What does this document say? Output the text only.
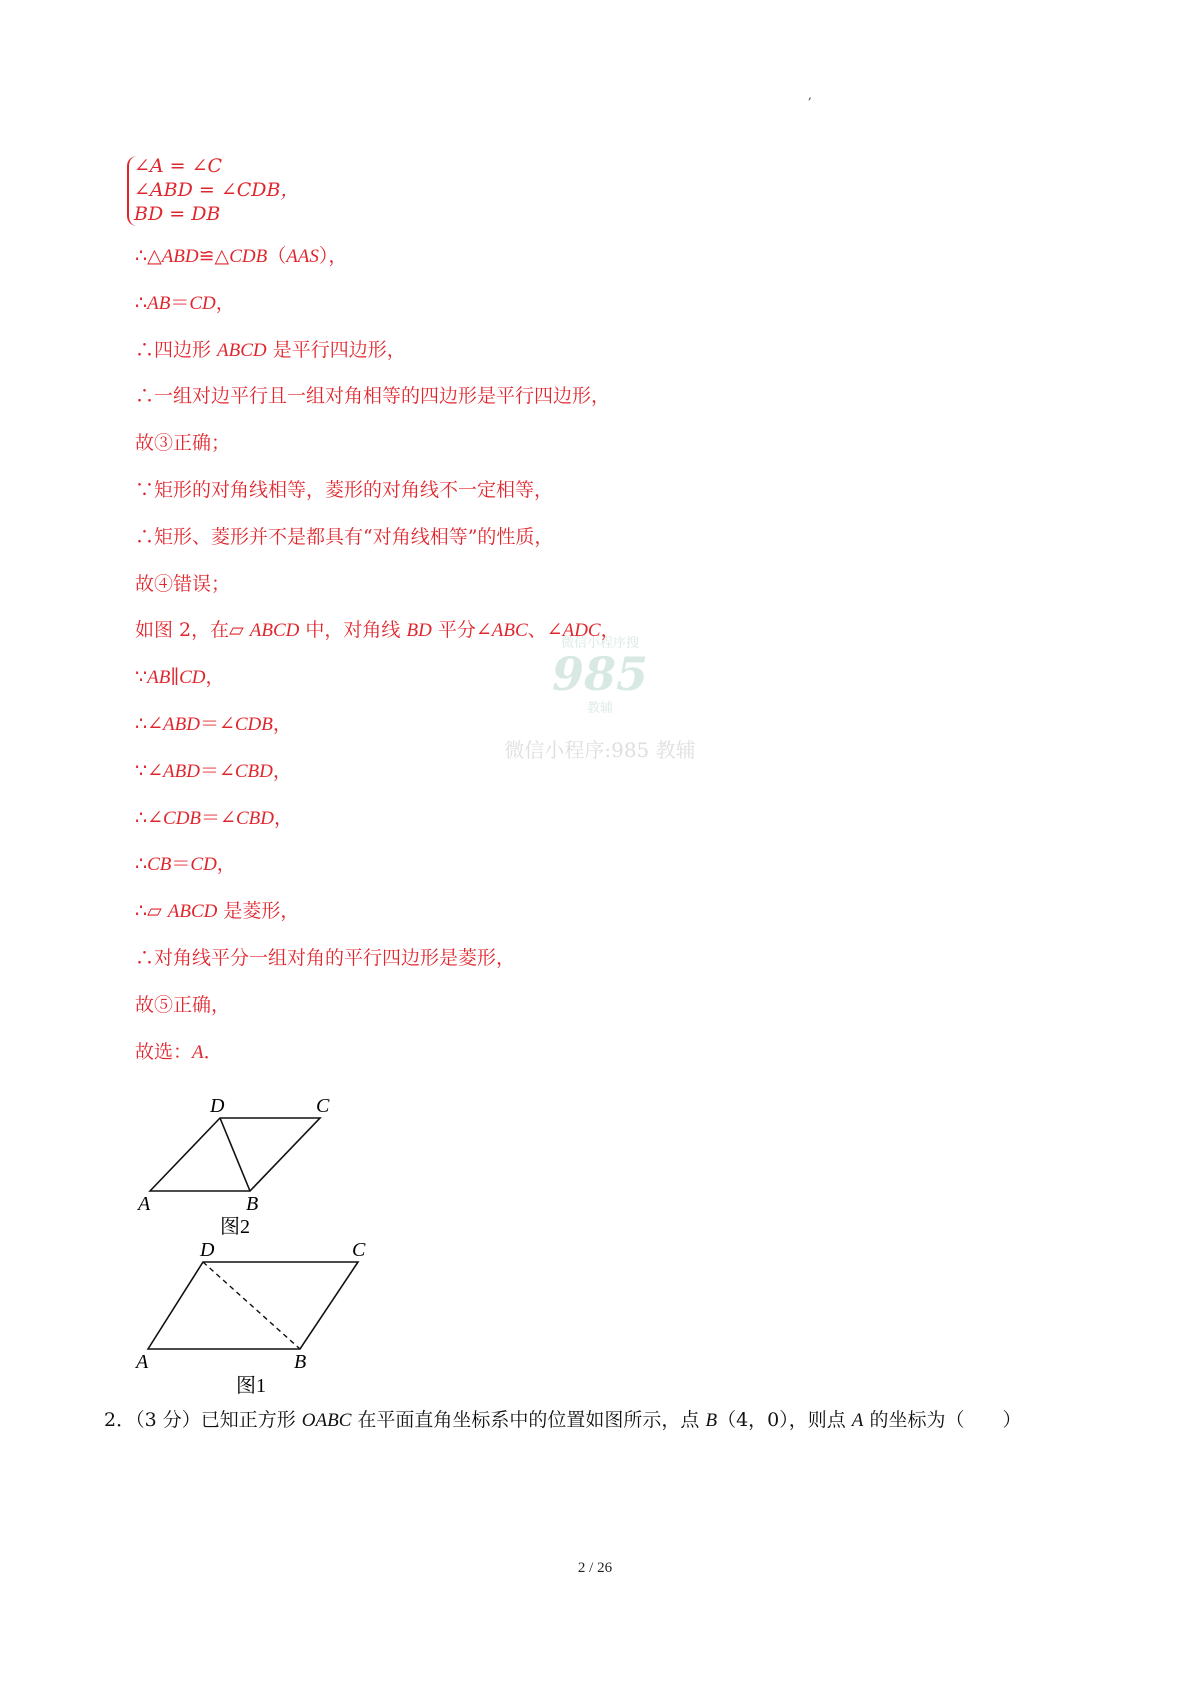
,
∠A = ∠C
∠ABD = ∠CDB，
BD = DB
微信小程序搜
985
教辅
微信小程序:985 教辅
∴△ABD≌△CDB（AAS），
∴AB＝CD，
∴四边形 ABCD 是平行四边形，
∴一组对边平行且一组对角相等的四边形是平行四边形，
故③正确；
∵矩形的对角线相等，菱形的对角线不一定相等，
∴矩形、菱形并不是都具有“对角线相等”的性质，
故④错误；
如图 2，在▱ ABCD 中，对角线 BD 平分∠ABC、∠ADC，
∵AB∥CD，
∴∠ABD＝∠CDB，
∵∠ABD＝∠CBD，
∴∠CDB＝∠CBD，
∴CB＝CD，
∴▱ ABCD 是菱形，
∴对角线平分一组对角的平行四边形是菱形，
故⑤正确，
故选：A．
A	B
C
D
图2
A	B
C
D
图1
2．（3 分）已知正方形 OABC 在平面直角坐标系中的位置如图所示，点 B（4，0），则点 A 的坐标为（　　）
2 / 26
